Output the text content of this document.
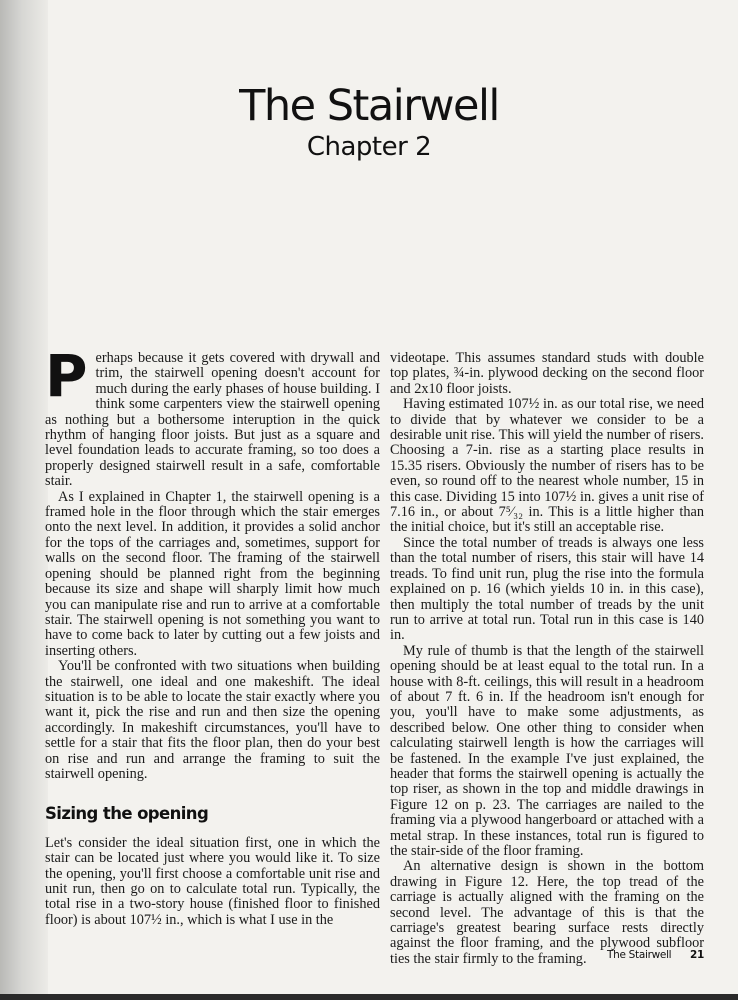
The Stairwell
Chapter 2

Perhaps because it gets covered with drywall and trim, the stairwell opening doesn't account for much during the early phases of house building. I think some carpenters view the stairwell opening as nothing but a bothersome interuption in the quick rhythm of hanging floor joists. But just as a square and level foundation leads to accurate framing, so too does a properly designed stairwell result in a safe, comfortable stair.

As I explained in Chapter 1, the stairwell opening is a framed hole in the floor through which the stair emerges onto the next level. In addition, it provides a solid anchor for the tops of the carriages and, sometimes, support for walls on the second floor. The framing of the stairwell opening should be planned right from the beginning because its size and shape will sharply limit how much you can manipulate rise and run to arrive at a comfortable stair. The stairwell opening is not something you want to have to come back to later by cutting out a few joists and inserting others.

You'll be confronted with two situations when building the stairwell, one ideal and one makeshift. The ideal situation is to be able to locate the stair exactly where you want it, pick the rise and run and then size the opening accordingly. In makeshift circumstances, you'll have to settle for a stair that fits the floor plan, then do your best on rise and run and arrange the framing to suit the stairwell opening.

Sizing the opening

Let's consider the ideal situation first, one in which the stair can be located just where you would like it. To size the opening, you'll first choose a comfortable unit rise and unit run, then go on to calculate total run. Typically, the total rise in a two-story house (finished floor to finished floor) is about 107½ in., which is what I use in the

videotape. This assumes standard studs with double top plates, ¾-in. plywood decking on the second floor and 2x10 floor joists.

Having estimated 107½ in. as our total rise, we need to divide that by whatever we consider to be a desirable unit rise. This will yield the number of risers. Choosing a 7-in. rise as a starting place results in 15.35 risers. Obviously the number of risers has to be even, so round off to the nearest whole number, 15 in this case. Dividing 15 into 107½ in. gives a unit rise of 7.16 in., or about 7⁵⁄₃₂ in. This is a little higher than the initial choice, but it's still an acceptable rise.

Since the total number of treads is always one less than the total number of risers, this stair will have 14 treads. To find unit run, plug the rise into the formula explained on p. 16 (which yields 10 in. in this case), then multiply the total number of treads by the unit run to arrive at total run. Total run in this case is 140 in.

My rule of thumb is that the length of the stairwell opening should be at least equal to the total run. In a house with 8-ft. ceilings, this will result in a headroom of about 7 ft. 6 in. If the headroom isn't enough for you, you'll have to make some adjustments, as described below. One other thing to consider when calculating stairwell length is how the carriages will be fastened. In the example I've just explained, the header that forms the stairwell opening is actually the top riser, as shown in the top and middle drawings in Figure 12 on p. 23. The carriages are nailed to the framing via a plywood hangerboard or attached with a metal strap. In these instances, total run is figured to the stair-side of the floor framing.

An alternative design is shown in the bottom drawing in Figure 12. Here, the top tread of the carriage is actually aligned with the framing on the second level. The advantage of this is that the carriage's greatest bearing surface rests directly against the floor framing, and the plywood subfloor ties the stair firmly to the framing.	The Stairwell 21
